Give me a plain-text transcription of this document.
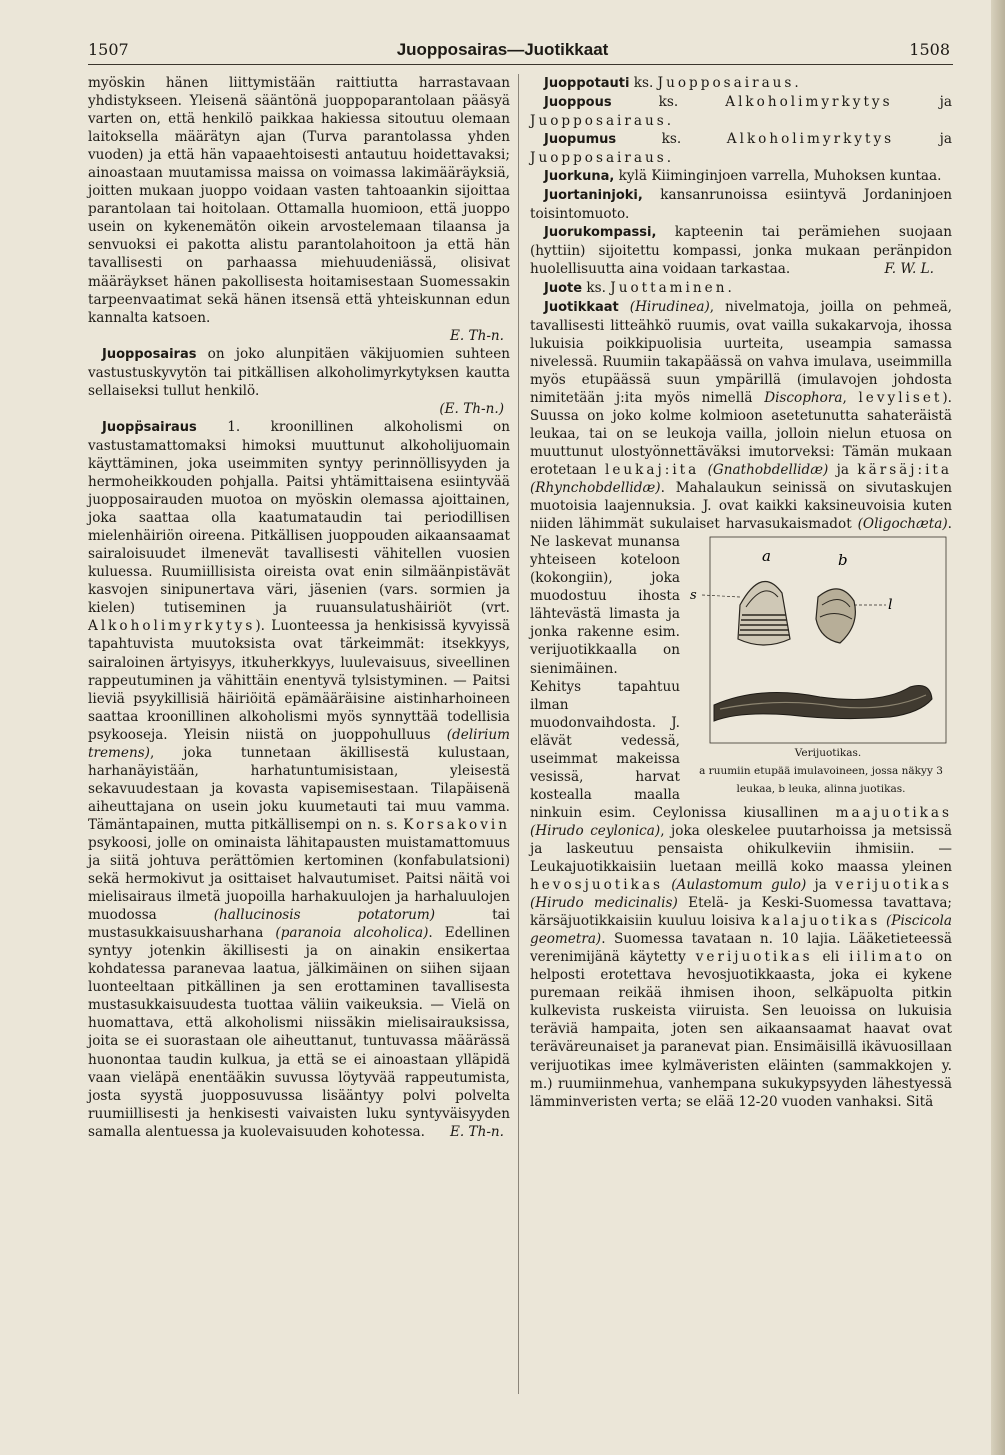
1507	Juopposairas—Juotikkaat	1508

myöskin hänen liittymistään raittiutta harrastavaan yhdistykseen. Yleisenä sääntönä juoppoparantolaan pääsyä varten on, että henkilö paikkaa hakiessa sitoutuu olemaan laitoksella määrätyn ajan (Turva parantolassa yhden vuoden) ja että hän vapaaehtoisesti antautuu hoidettavaksi; ainoastaan muutamissa maissa on voimassa lakimääräyksiä, joitten mukaan juoppo voidaan vasten tahtoaankin sijoittaa parantolaan tai hoitolaan. Ottamalla huomioon, että juoppo usein on kykenemätön oikein arvostelemaan tilaansa ja senvuoksi ei pakotta alistu parantolahoitoon ja että hän tavallisesti on parhaassa miehuudeniässä, olisivat määräykset hänen pakollisesta hoitamisestaan Suomessakin tarpeenvaatimat sekä hänen itsensä että yhteiskunnan edun kannalta katsoen.

E. Th-n.

Juopposairas on joko alunpitäen väkijuomien suhteen vastustuskyvytön tai pitkällisen alkoholimyrkytyksen kautta sellaiseksi tullut henkilö.

(E. Th-n.)

Juopp̈sairaus 1. kroonillinen alkoholismi on vastustamattomaksi himoksi muuttunut alkoholijuomain käyttäminen, joka useimmiten syntyy perinnöllisyyden ja hermoheikkouden pohjalla. Paitsi yhtämittaisena esiintyvää juopposairauden muotoa on myöskin olemassa ajoittainen, joka saattaa olla kaatumataudin tai periodillisen mielenhäiriön oireena. Pitkällisen juoppouden aikaansaamat sairaloisuudet ilmenevät tavallisesti vähitellen vuosien kuluessa. Ruumiillisista oireista ovat enin silmäänpistävät kasvojen sinipunertava väri, jäsenien (vars. sormien ja kielen) tutiseminen ja ruuansulatushäiriöt (vrt. Alkoholimyrkytys). Luonteessa ja henkisissä kyvyissä tapahtuvista muutoksista ovat tärkeimmät: itsekkyys, sairaloinen ärtyisyys, itkuherkkyys, luulevaisuus, siveellinen rappeutuminen ja vähittäin enentyvä tylsistyminen. — Paitsi lieviä psyykillisiä häiriöitä epämääräisine aistinharhoineen saattaa kroonillinen alkoholismi myös synnyttää todellisia psykooseja. Yleisin niistä on juoppohulluus (delirium tremens), joka tunnetaan äkillisestä kulustaan, harhanäyistään, harhatuntumisistaan, yleisestä sekavuudestaan ja kovasta vapisemisestaan. Tilapäisenä aiheuttajana on usein joku kuumetauti tai muu vamma. Tämäntapainen, mutta pitkällisempi on n. s. Korsakovin psykoosi, jolle on ominaista lähitapausten muistamattomuus ja siitä johtuva perättömien kertominen (konfabulatsioni) sekä hermokivut ja osittaiset halvautumiset. Paitsi näitä voi mielisairaus ilmetä juopoilla harhakuulojen ja harhaluulojen muodossa (hallucinosis potatorum) tai mustasukkaisuusharhana (paranoia alcoholica). Edellinen syntyy jotenkin äkillisesti ja on ainakin ensikertaa kohdatessa paranevaa laatua, jälkimäinen on siihen sijaan luonteeltaan pitkällinen ja sen erottaminen tavallisesta mustasukkaisuudesta tuottaa väliin vaikeuksia. — Vielä on huomattava, että alkoholismi niissäkin mielisairauksissa, joita se ei suorastaan ole aiheuttanut, tuntuvassa määrässä huonontaa taudin kulkua, ja että se ei ainoastaan ylläpidä vaan vieläpä enentääkin suvussa löytyvää rappeutumista, josta syystä juopposuvussa lisääntyy polvi polvelta ruumiillisesti ja henkisesti vaivaisten luku syntyväisyyden samalla alentuessa ja kuolevaisuuden kohotessa.	E. Th-n.

Juoppotauti ks. Juopposairaus.

Juoppous ks. Alkoholimyrkytys ja Juopposairaus.

Juopumus ks. Alkoholimyrkytys ja Juopposairaus.

Juorkuna, kylä Kiiminginjoen varrella, Muhoksen kuntaa.

Juortaninjoki, kansanrunoissa esiintyvä Jordaninjoen toisintomuoto.

Juorukompassi, kapteenin tai perämiehen suojaan (hyttiin) sijoitettu kompassi, jonka mukaan peränpidon huolellisuutta aina voidaan tarkastaa.	F. W. L.

Juote ks. Juottaminen.

Juotikkaat (Hirudinea), nivelmatoja, joilla on pehmeä, tavallisesti litteähkö ruumis, ovat vailla sukakarvoja, ihossa lukuisia poikkipuolisia uurteita, useampia samassa nivelessä. Ruumiin takapäässä on vahva imulava, useimmilla myös etupäässä suun ympärillä (imulavojen johdosta nimitetään j:ita myös nimellä Discophora, levyliset). Suussa on joko kolme kolmioon asetetunutta sahateräistä leukaa, tai on se leukoja vailla, jolloin nielun etuosa on muuttunut ulostyönnettäväksi imutorveksi: Tämän mukaan erotetaan leukaj:ita (Gnathobdellidæ) ja kärsäj:ita (Rhynchobdellidæ). Mahalaukun seinissä on sivutaskujen muotoisia laajennuksia. J. ovat kaikki kaksineuvoisia kuten niiden lähimmät sukulaiset harvasukaismadot
a	b
s
l
Verijuotikas.
a ruumiin etupää imulavoineen, jossa näkyy 3 leukaa, b leuka, alinna juotikas.
(Oligochæta). Ne laskevat munansa yhteiseen koteloon (kokongiin), joka muodostuu ihosta lähtevästä limasta ja jonka rakenne esim. verijuotikkaalla on sienimäinen.

Kehitys tapahtuu ilman muodonvaihdosta. J. elävät vedessä, useimmat makeissa vesissä, harvat kostealla maalla ninkuin esim. Ceylonissa kiusallinen maajuotikas (Hirudo ceylonica), joka oleskelee puutarhoissa ja metsissä ja laskeutuu pensaista ohikulkeviin ihmisiin. — Leukajuotikkaisiin luetaan meillä koko maassa yleinen hevosjuotikas (Aulastomum gulo) ja verijuotikas (Hirudo medicinalis) Etelä- ja Keski-Suomessa tavattava; kärsäjuotikkaisiin kuuluu loisiva kalajuotikas (Piscicola geometra). Suomessa tavataan n. 10 lajia. Lääketieteessä verenimijänä käytetty verijuotikas eli iilimato on helposti erotettava hevosjuotikkaasta, joka ei kykene puremaan reikää ihmisen ihoon, selkäpuolta pitkin kulkevista ruskeista viiruista. Sen leuoissa on lukuisia teräviä hampaita, joten sen aikaansaamat haavat ovat teräväreunaiset ja paranevat pian. Ensimäisillä ikävuosillaan verijuotikas imee kylmäveristen eläinten (sammakkojen y. m.) ruumiinmehua, vanhempana sukukypsyyden lähestyessä lämminveristen verta; se elää 12-20 vuoden vanhaksi. Sitä
